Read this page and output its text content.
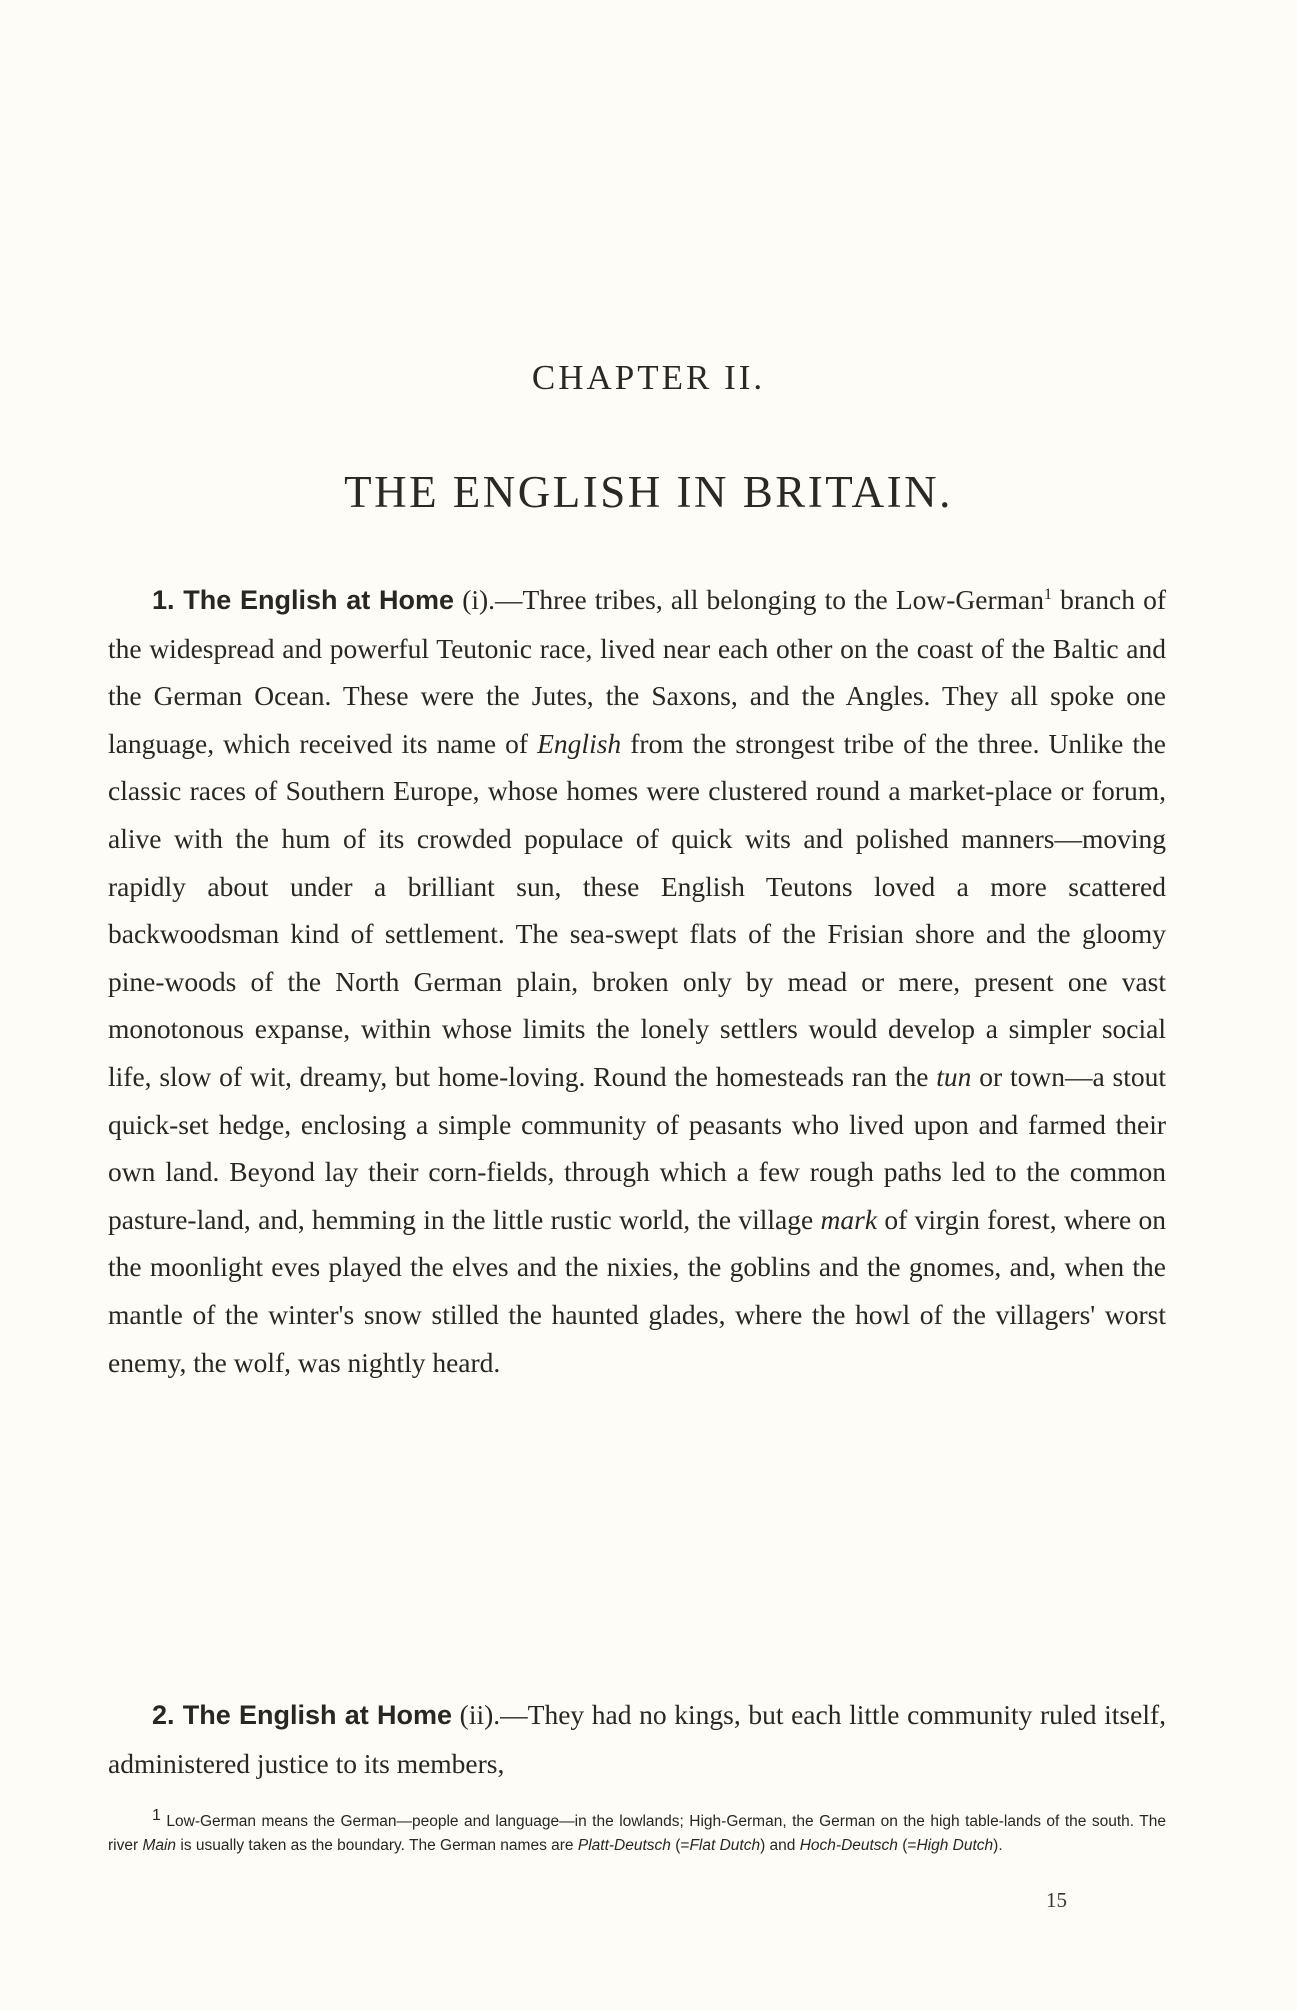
CHAPTER II.
THE ENGLISH IN BRITAIN.

1. The English at Home (i).—Three tribes, all belonging to the Low-German$^1$ branch of the widespread and powerful Teutonic race, lived near each other on the coast of the Baltic and the German Ocean. These were the Jutes, the Saxons, and the Angles. They all spoke one language, which received its name of English from the strongest tribe of the three. Unlike the classic races of Southern Europe, whose homes were clustered round a market-place or forum, alive with the hum of its crowded populace of quick wits and polished manners—moving rapidly about under a brilliant sun, these English Teutons loved a more scattered backwoodsman kind of settlement. The sea-swept flats of the Frisian shore and the gloomy pine-woods of the North German plain, broken only by mead or mere, present one vast monotonous expanse, within whose limits the lonely settlers would develop a simpler social life, slow of wit, dreamy, but home-loving. Round the homesteads ran the tun or town—a stout quick-set hedge, enclosing a simple community of peasants who lived upon and farmed their own land. Beyond lay their corn-fields, through which a few rough paths led to the common pasture-land, and, hemming in the little rustic world, the village mark of virgin forest, where on the moonlight eves played the elves and the nixies, the goblins and the gnomes, and, when the mantle of the winter's snow stilled the haunted glades, where the howl of the villagers' worst enemy, the wolf, was nightly heard.

2. The English at Home (ii).—They had no kings, but each little community ruled itself, administered justice to its members,

1 Low-German means the German—people and language—in the lowlands; High-German, the German on the high table-lands of the south. The river Main is usually taken as the boundary. The German names are Platt-Deutsch (=Flat Dutch) and Hoch-Deutsch (=High Dutch).

15
